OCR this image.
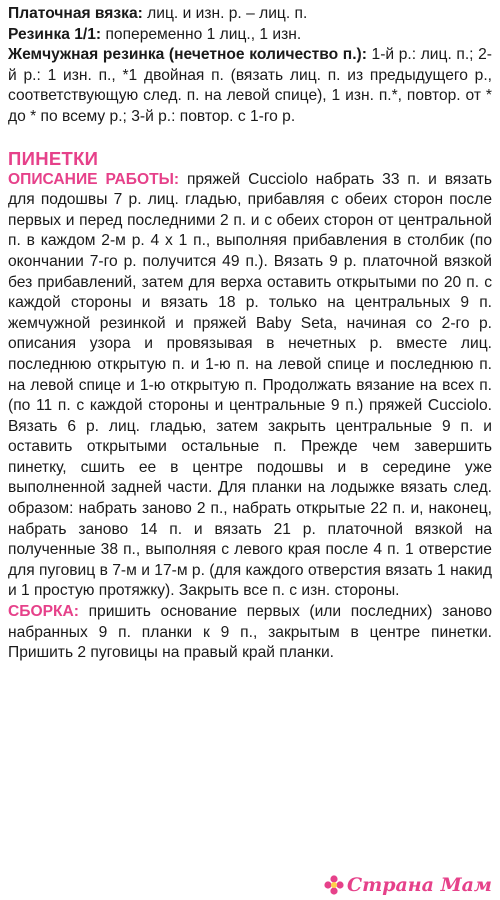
Платочная вязка: лиц. и изн. р. – лиц. п.

Резинка 1/1: попеременно 1 лиц., 1 изн.

Жемчужная резинка (нечетное количество п.): 1-й р.: лиц. п.; 2-й р.: 1 изн. п., *1 двойная п. (вязать лиц. п. из предыдущего р., соответствующую след. п. на левой спице), 1 изн. п.*, повтор. от * до * по всему р.; 3-й р.: повтор. с 1-го р.

ПИНЕТКИ

ОПИСАНИЕ РАБОТЫ: пряжей Cucciolo набрать 33 п. и вязать для подошвы 7 р. лиц. гладью, прибавляя с обеих сторон после первых и перед последними 2 п. и с обеих сторон от центральной п. в каждом 2-м р. 4 х 1 п., выполняя прибавления в столбик (по окончании 7-го р. получится 49 п.). Вязать 9 р. платочной вязкой без прибавлений, затем для верха оставить открытыми по 20 п. с каждой стороны и вязать 18 р. только на центральных 9 п. жемчужной резинкой и пряжей Baby Seta, начиная со 2-го р. описания узора и провязывая в нечетных р. вместе лиц. последнюю открытую п. и 1-ю п. на левой спице и последнюю п. на левой спице и 1-ю открытую п. Продолжать вязание на всех п. (по 11 п. с каждой стороны и центральные 9 п.) пряжей Cucciolo. Вязать 6 р. лиц. гладью, затем закрыть центральные 9 п. и оставить открытыми остальные п. Прежде чем завершить пинетку, сшить ее в центре подошвы и в середине уже выполненной задней части. Для планки на лодыжке вязать след. образом: набрать заново 2 п., набрать открытые 22 п. и, наконец, набрать заново 14 п. и вязать 21 р. платочной вязкой на полученные 38 п., выполняя с левого края после 4 п. 1 отверстие для пуговиц в 7-м и 17-м р. (для каждого отверстия вязать 1 накид и 1 простую протяжку). Закрыть все п. с изн. стороны.

СБОРКА: пришить основание первых (или последних) заново набранных 9 п. планки к 9 п., закрытым в центре пинетки. Пришить 2 пуговицы на правый край планки.

Страна Мам
